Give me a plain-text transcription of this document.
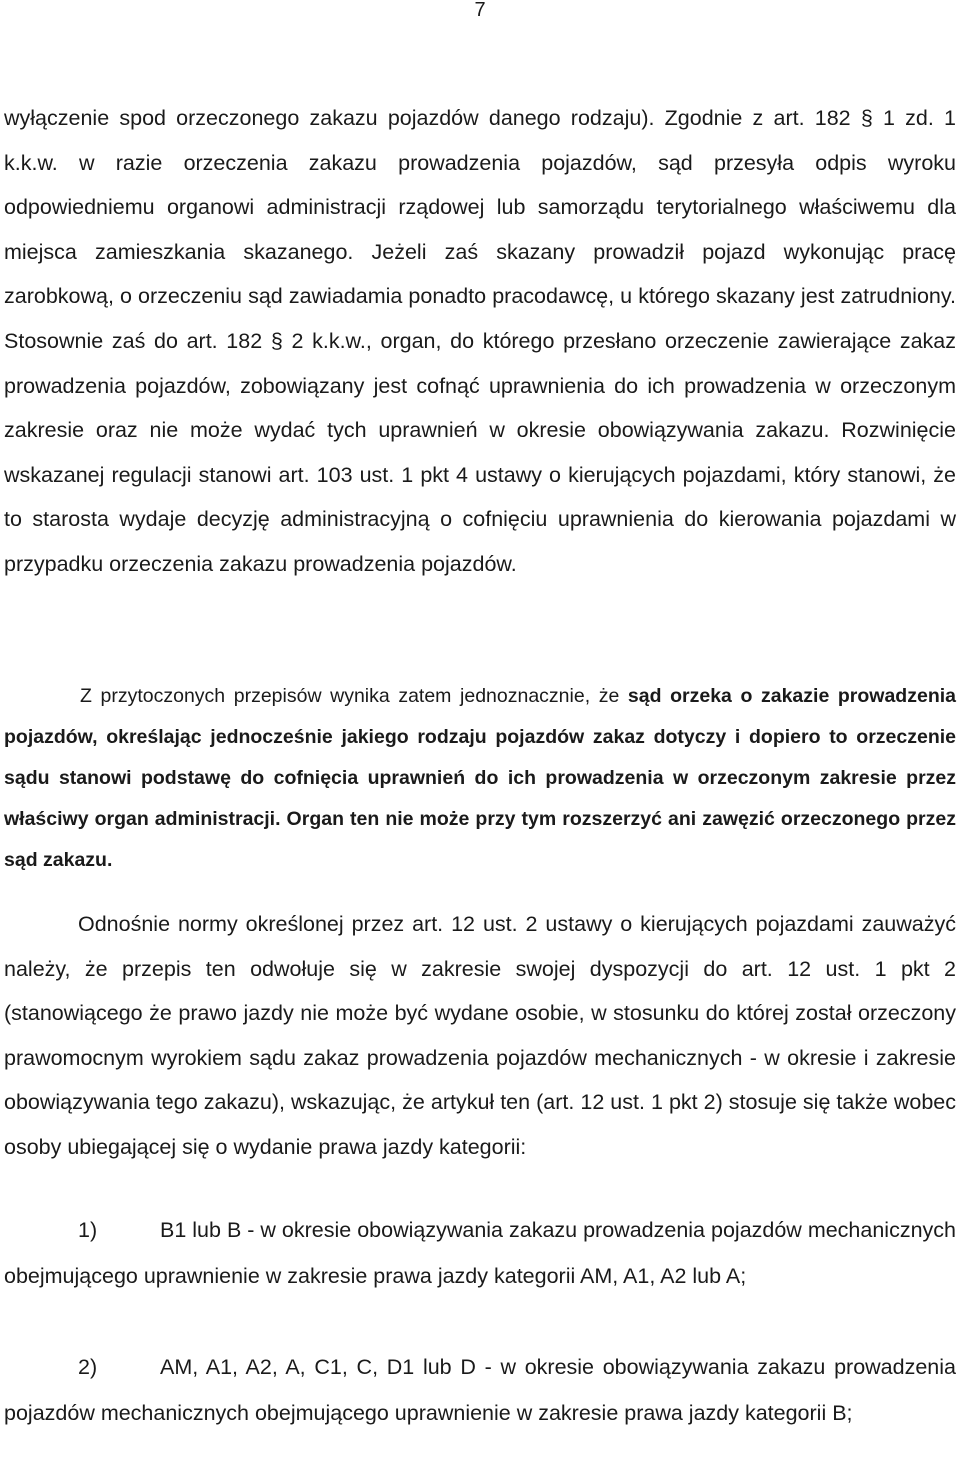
7

wyłączenie spod orzeczonego zakazu pojazdów danego rodzaju). Zgodnie z art. 182 § 1 zd. 1 k.k.w. w razie orzeczenia zakazu prowadzenia pojazdów, sąd przesyła odpis wyroku odpowiedniemu organowi administracji rządowej lub samorządu terytorialnego właściwemu dla miejsca zamieszkania skazanego. Jeżeli zaś skazany prowadził pojazd wykonując pracę zarobkową, o orzeczeniu sąd zawiadamia ponadto pracodawcę, u którego skazany jest zatrudniony. Stosownie zaś do art. 182 § 2 k.k.w., organ, do którego przesłano orzeczenie zawierające zakaz prowadzenia pojazdów, zobowiązany jest cofnąć uprawnienia do ich prowadzenia w orzeczonym zakresie oraz nie może wydać tych uprawnień w okresie obowiązywania zakazu. Rozwinięcie wskazanej regulacji stanowi art. 103 ust. 1 pkt 4 ustawy o kierujących pojazdami, który stanowi, że to starosta wydaje decyzję administracyjną o cofnięciu uprawnienia do kierowania pojazdami w przypadku orzeczenia zakazu prowadzenia pojazdów.

Z przytoczonych przepisów wynika zatem jednoznacznie, że sąd orzeka o zakazie prowadzenia pojazdów, określając jednocześnie jakiego rodzaju pojazdów zakaz dotyczy i dopiero to orzeczenie sądu stanowi podstawę do cofnięcia uprawnień do ich prowadzenia w orzeczonym zakresie przez właściwy organ administracji. Organ ten nie może przy tym rozszerzyć ani zawęzić orzeczonego przez sąd zakazu.

Odnośnie normy określonej przez art. 12 ust. 2 ustawy o kierujących pojazdami zauważyć należy, że przepis ten odwołuje się w zakresie swojej dyspozycji do art. 12 ust. 1 pkt 2 (stanowiącego że prawo jazdy nie może być wydane osobie, w stosunku do której został orzeczony prawomocnym wyrokiem sądu zakaz prowadzenia pojazdów mechanicznych - w okresie i zakresie obowiązywania tego zakazu), wskazując, że artykuł ten (art. 12 ust. 1 pkt 2) stosuje się także wobec osoby ubiegającej się o wydanie prawa jazdy kategorii:

1)	B1 lub B - w okresie obowiązywania zakazu prowadzenia pojazdów mechanicznych obejmującego uprawnienie w zakresie prawa jazdy kategorii AM, A1, A2 lub A;

2)	AM, A1, A2, A, C1, C, D1 lub D - w okresie obowiązywania zakazu prowadzenia pojazdów mechanicznych obejmującego uprawnienie w zakresie prawa jazdy kategorii B;
